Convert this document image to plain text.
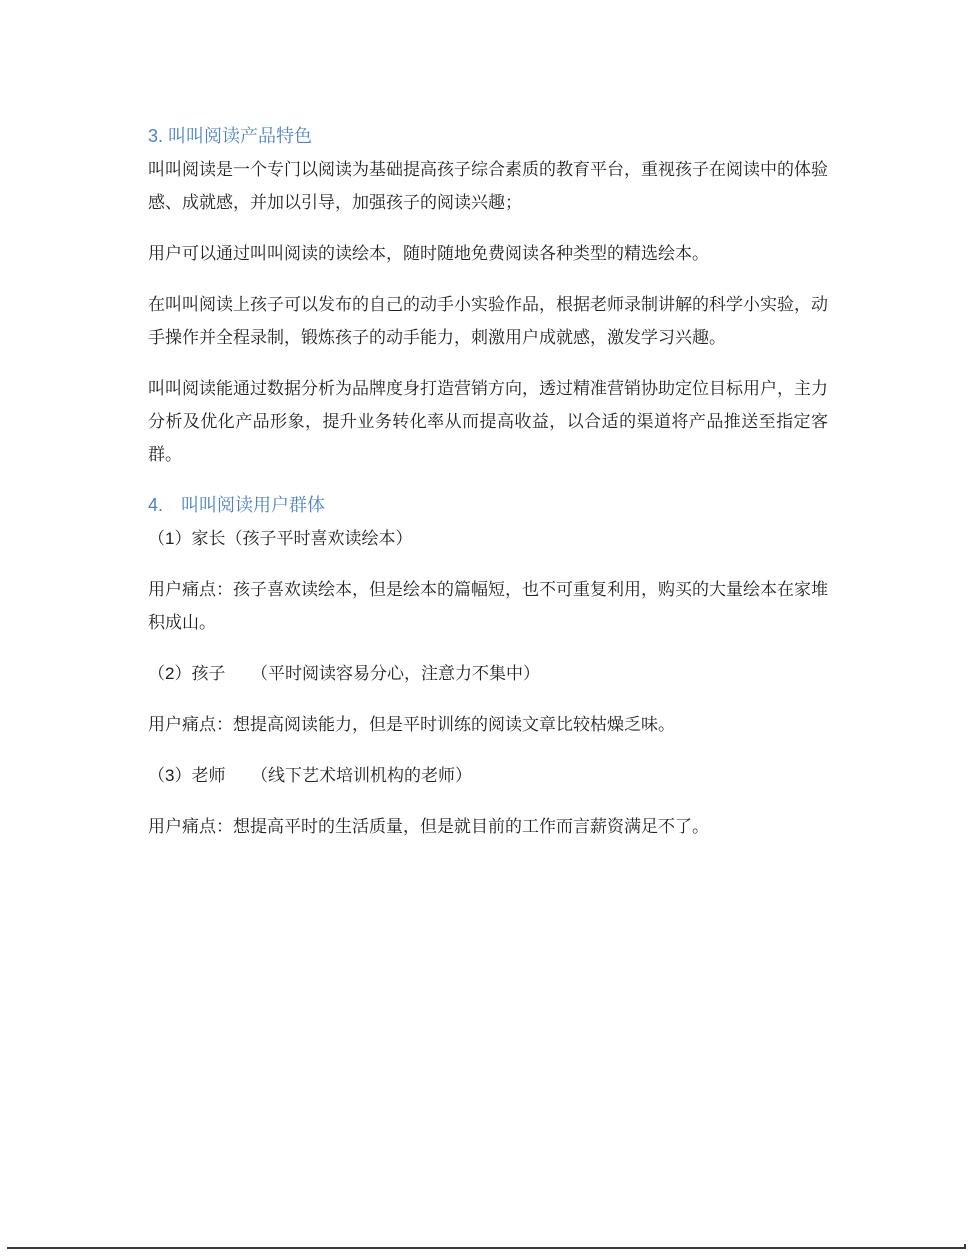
3. 叫叫阅读产品特色

叫叫阅读是一个专门以阅读为基础提高孩子综合素质的教育平台，重视孩子在阅读中的体验感、成就感，并加以引导，加强孩子的阅读兴趣；

用户可以通过叫叫阅读的读绘本，随时随地免费阅读各种类型的精选绘本。

在叫叫阅读上孩子可以发布的自己的动手小实验作品，根据老师录制讲解的科学小实验，动手操作并全程录制，锻炼孩子的动手能力，刺激用户成就感，激发学习兴趣。

叫叫阅读能通过数据分析为品牌度身打造营销方向，透过精准营销协助定位目标用户，主力分析及优化产品形象，提升业务转化率从而提高收益，以合适的渠道将产品推送至指定客群。

4.　叫叫阅读用户群体

（1）家长（孩子平时喜欢读绘本）

用户痛点：孩子喜欢读绘本，但是绘本的篇幅短，也不可重复利用，购买的大量绘本在家堆积成山。

（2）孩子　　（平时阅读容易分心，注意力不集中）

用户痛点：想提高阅读能力，但是平时训练的阅读文章比较枯燥乏味。

（3）老师　　（线下艺术培训机构的老师）

用户痛点：想提高平时的生活质量，但是就目前的工作而言薪资满足不了。
